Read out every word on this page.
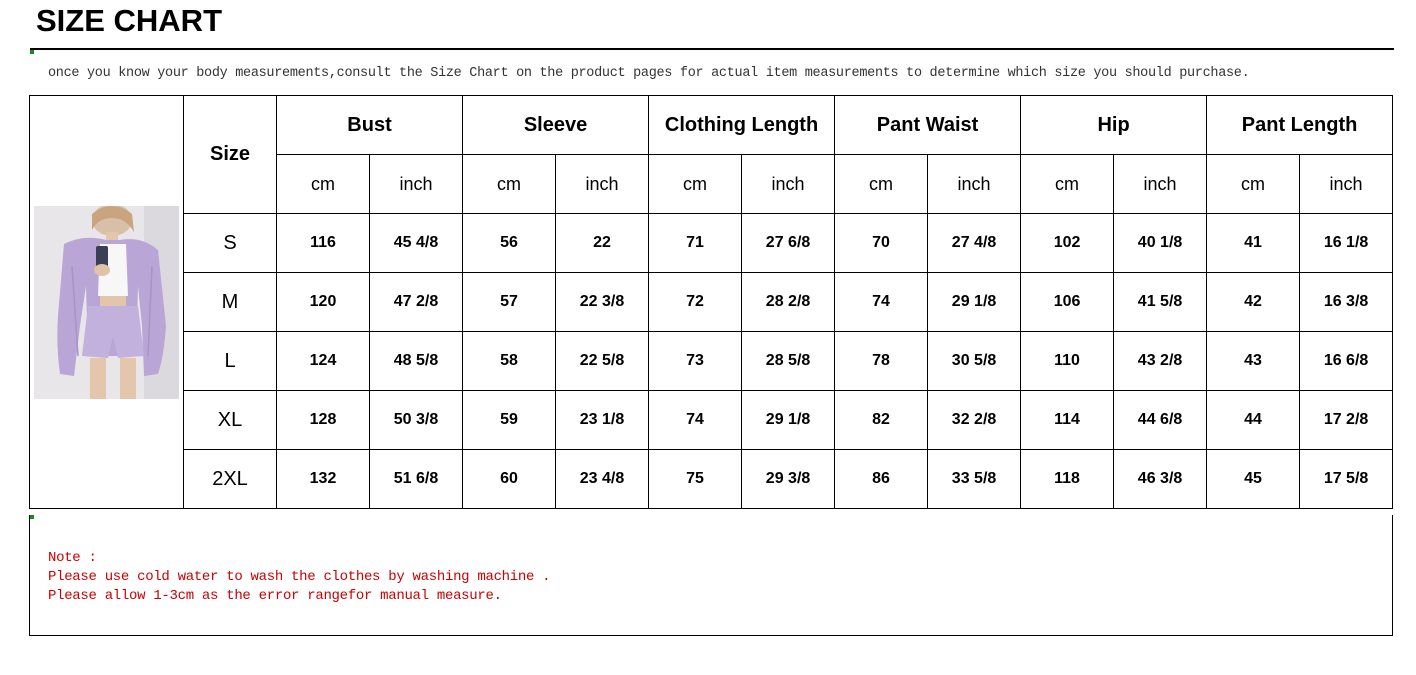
SIZE CHART
once you know your body measurements,consult the Size Chart on the product pages for actual item measurements to determine which size you should purchase.
	Size	Bust		Sleeve		Clothing Length		Pant Waist		Hip		Pant Length	
		cm	inch	cm	inch	cm	inch	cm	inch	cm	inch	cm	inch
	S	116	45 4/8	56	22	71	27 6/8	70	27 4/8	102	40 1/8	41	16 1/8
	M	120	47 2/8	57	22 3/8	72	28 2/8	74	29 1/8	106	41 5/8	42	16 3/8
	L	124	48 5/8	58	22 5/8	73	28 5/8	78	30 5/8	110	43 2/8	43	16 6/8
	XL	128	50 3/8	59	23 1/8	74	29 1/8	82	32 2/8	114	44 6/8	44	17 2/8
	2XL	132	51 6/8	60	23 4/8	75	29 3/8	86	33 5/8	118	46 3/8	45	17 5/8
Note :
Please use cold water to wash the clothes by washing machine .
Please allow 1-3cm as the error rangefor manual measure.
